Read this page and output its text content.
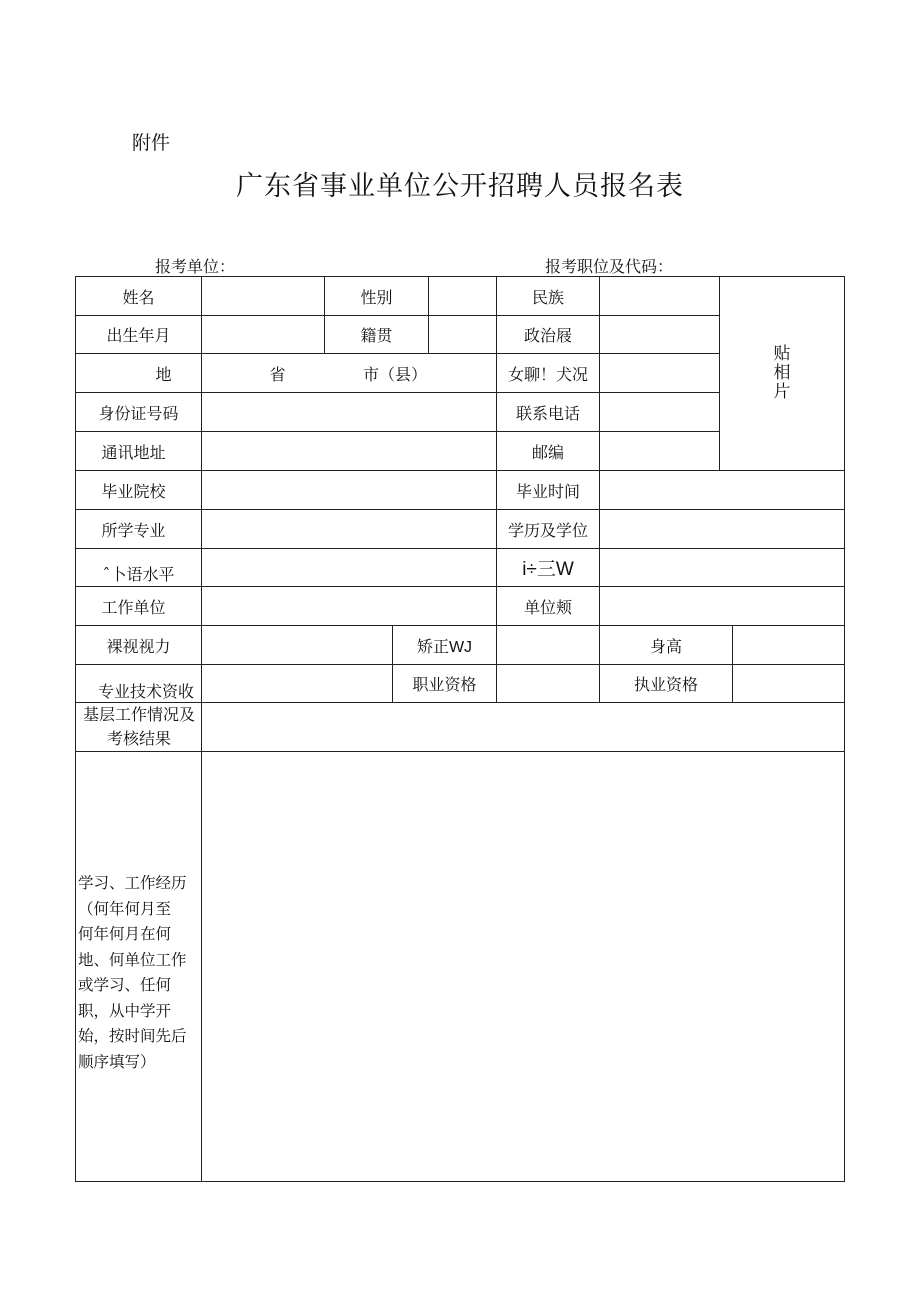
附件
广东省事业单位公开招聘人员报名表
报考单位：	报考职位及代码：
姓名	性别	民族
出生年月	籍贯	政治屐
地	省	市（县）	女聊！犬况
身份证号码	联系电话
通讯地址	邮编
贴
相
片
毕业院校	毕业时间
所学专业	学历及学位
ˆ卜语水平	i÷三W
工作单位	单位颊
裸视视力	矫正WJ	身高
专业技术资收	职业资格	执业资格
基层工作情况及
考核结果
学习、工作经历
（何年何月至
何年何月在何
地、何单位工作
或学习、任何
职，从中学开
始，按时间先后
顺序填写）
